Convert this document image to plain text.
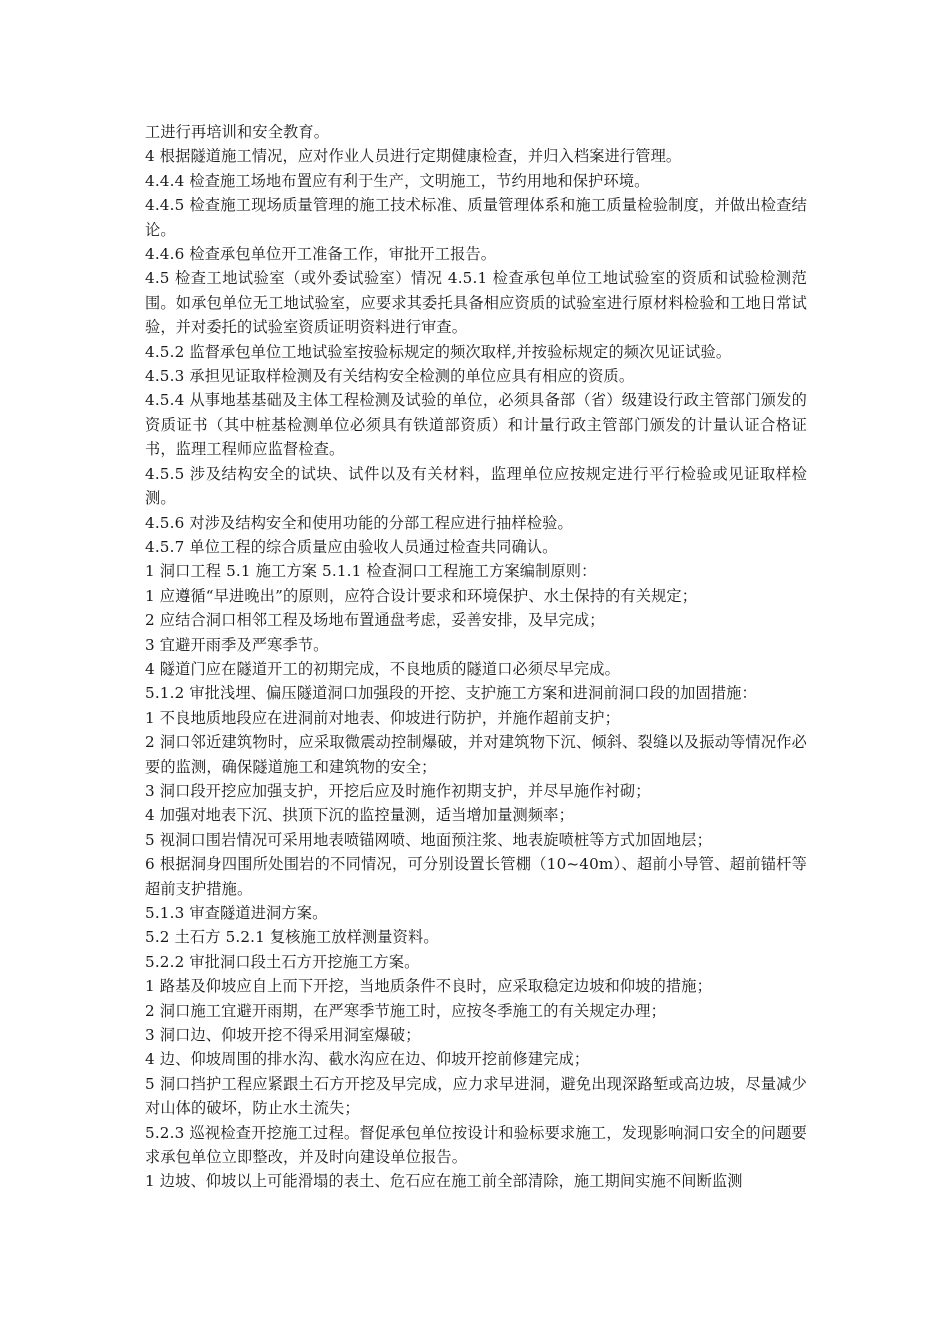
工进行再培训和安全教育。

4 根据隧道施工情况，应对作业人员进行定期健康检查，并归入档案进行管理。

4.4.4 检查施工场地布置应有利于生产，文明施工，节约用地和保护环境。

4.4.5 检查施工现场质量管理的施工技术标准、质量管理体系和施工质量检验制度，并做出检查结论。

4.4.6 检查承包单位开工准备工作，审批开工报告。

4.5 检查工地试验室（或外委试验室）情况 4.5.1 检查承包单位工地试验室的资质和试验检测范围。如承包单位无工地试验室，应要求其委托具备相应资质的试验室进行原材料检验和工地日常试验，并对委托的试验室资质证明资料进行审查。

4.5.2 监督承包单位工地试验室按验标规定的频次取样,并按验标规定的频次见证试验。

4.5.3 承担见证取样检测及有关结构安全检测的单位应具有相应的资质。

4.5.4 从事地基基础及主体工程检测及试验的单位，必须具备部（省）级建设行政主管部门颁发的资质证书（其中桩基检测单位必须具有铁道部资质）和计量行政主管部门颁发的计量认证合格证书，监理工程师应监督检查。

4.5.5 涉及结构安全的试块、试件以及有关材料，监理单位应按规定进行平行检验或见证取样检测。

4.5.6 对涉及结构安全和使用功能的分部工程应进行抽样检验。

4.5.7 单位工程的综合质量应由验收人员通过检查共同确认。

1 洞口工程 5.1 施工方案 5.1.1 检查洞口工程施工方案编制原则：

1 应遵循“早进晚出”的原则，应符合设计要求和环境保护、水土保持的有关规定；

2 应结合洞口相邻工程及场地布置通盘考虑，妥善安排，及早完成；

3 宜避开雨季及严寒季节。

4 隧道门应在隧道开工的初期完成，不良地质的隧道口必须尽早完成。

5.1.2 审批浅埋、偏压隧道洞口加强段的开挖、支护施工方案和进洞前洞口段的加固措施：

1 不良地质地段应在进洞前对地表、仰坡进行防护，并施作超前支护；

2 洞口邻近建筑物时，应采取微震动控制爆破，并对建筑物下沉、倾斜、裂缝以及振动等情况作必要的监测，确保隧道施工和建筑物的安全；

3 洞口段开挖应加强支护，开挖后应及时施作初期支护，并尽早施作衬砌；

4 加强对地表下沉、拱顶下沉的监控量测，适当增加量测频率；

5 视洞口围岩情况可采用地表喷锚网喷、地面预注浆、地表旋喷桩等方式加固地层；

6 根据洞身四围所处围岩的不同情况，可分别设置长管棚（10~40m）、超前小导管、超前锚杆等超前支护措施。

5.1.3 审查隧道进洞方案。

5.2 土石方 5.2.1 复核施工放样测量资料。

5.2.2 审批洞口段土石方开挖施工方案。

1 路基及仰坡应自上而下开挖，当地质条件不良时，应采取稳定边坡和仰坡的措施；

2 洞口施工宜避开雨期，在严寒季节施工时，应按冬季施工的有关规定办理；

3 洞口边、仰坡开挖不得采用洞室爆破；

4 边、仰坡周围的排水沟、截水沟应在边、仰坡开挖前修建完成；

5 洞口挡护工程应紧跟土石方开挖及早完成，应力求早进洞，避免出现深路堑或高边坡，尽量减少对山体的破坏，防止水土流失；

5.2.3 巡视检查开挖施工过程。督促承包单位按设计和验标要求施工，发现影响洞口安全的问题要求承包单位立即整改，并及时向建设单位报告。

1 边坡、仰坡以上可能滑塌的表土、危石应在施工前全部清除，施工期间实施不间断监测
